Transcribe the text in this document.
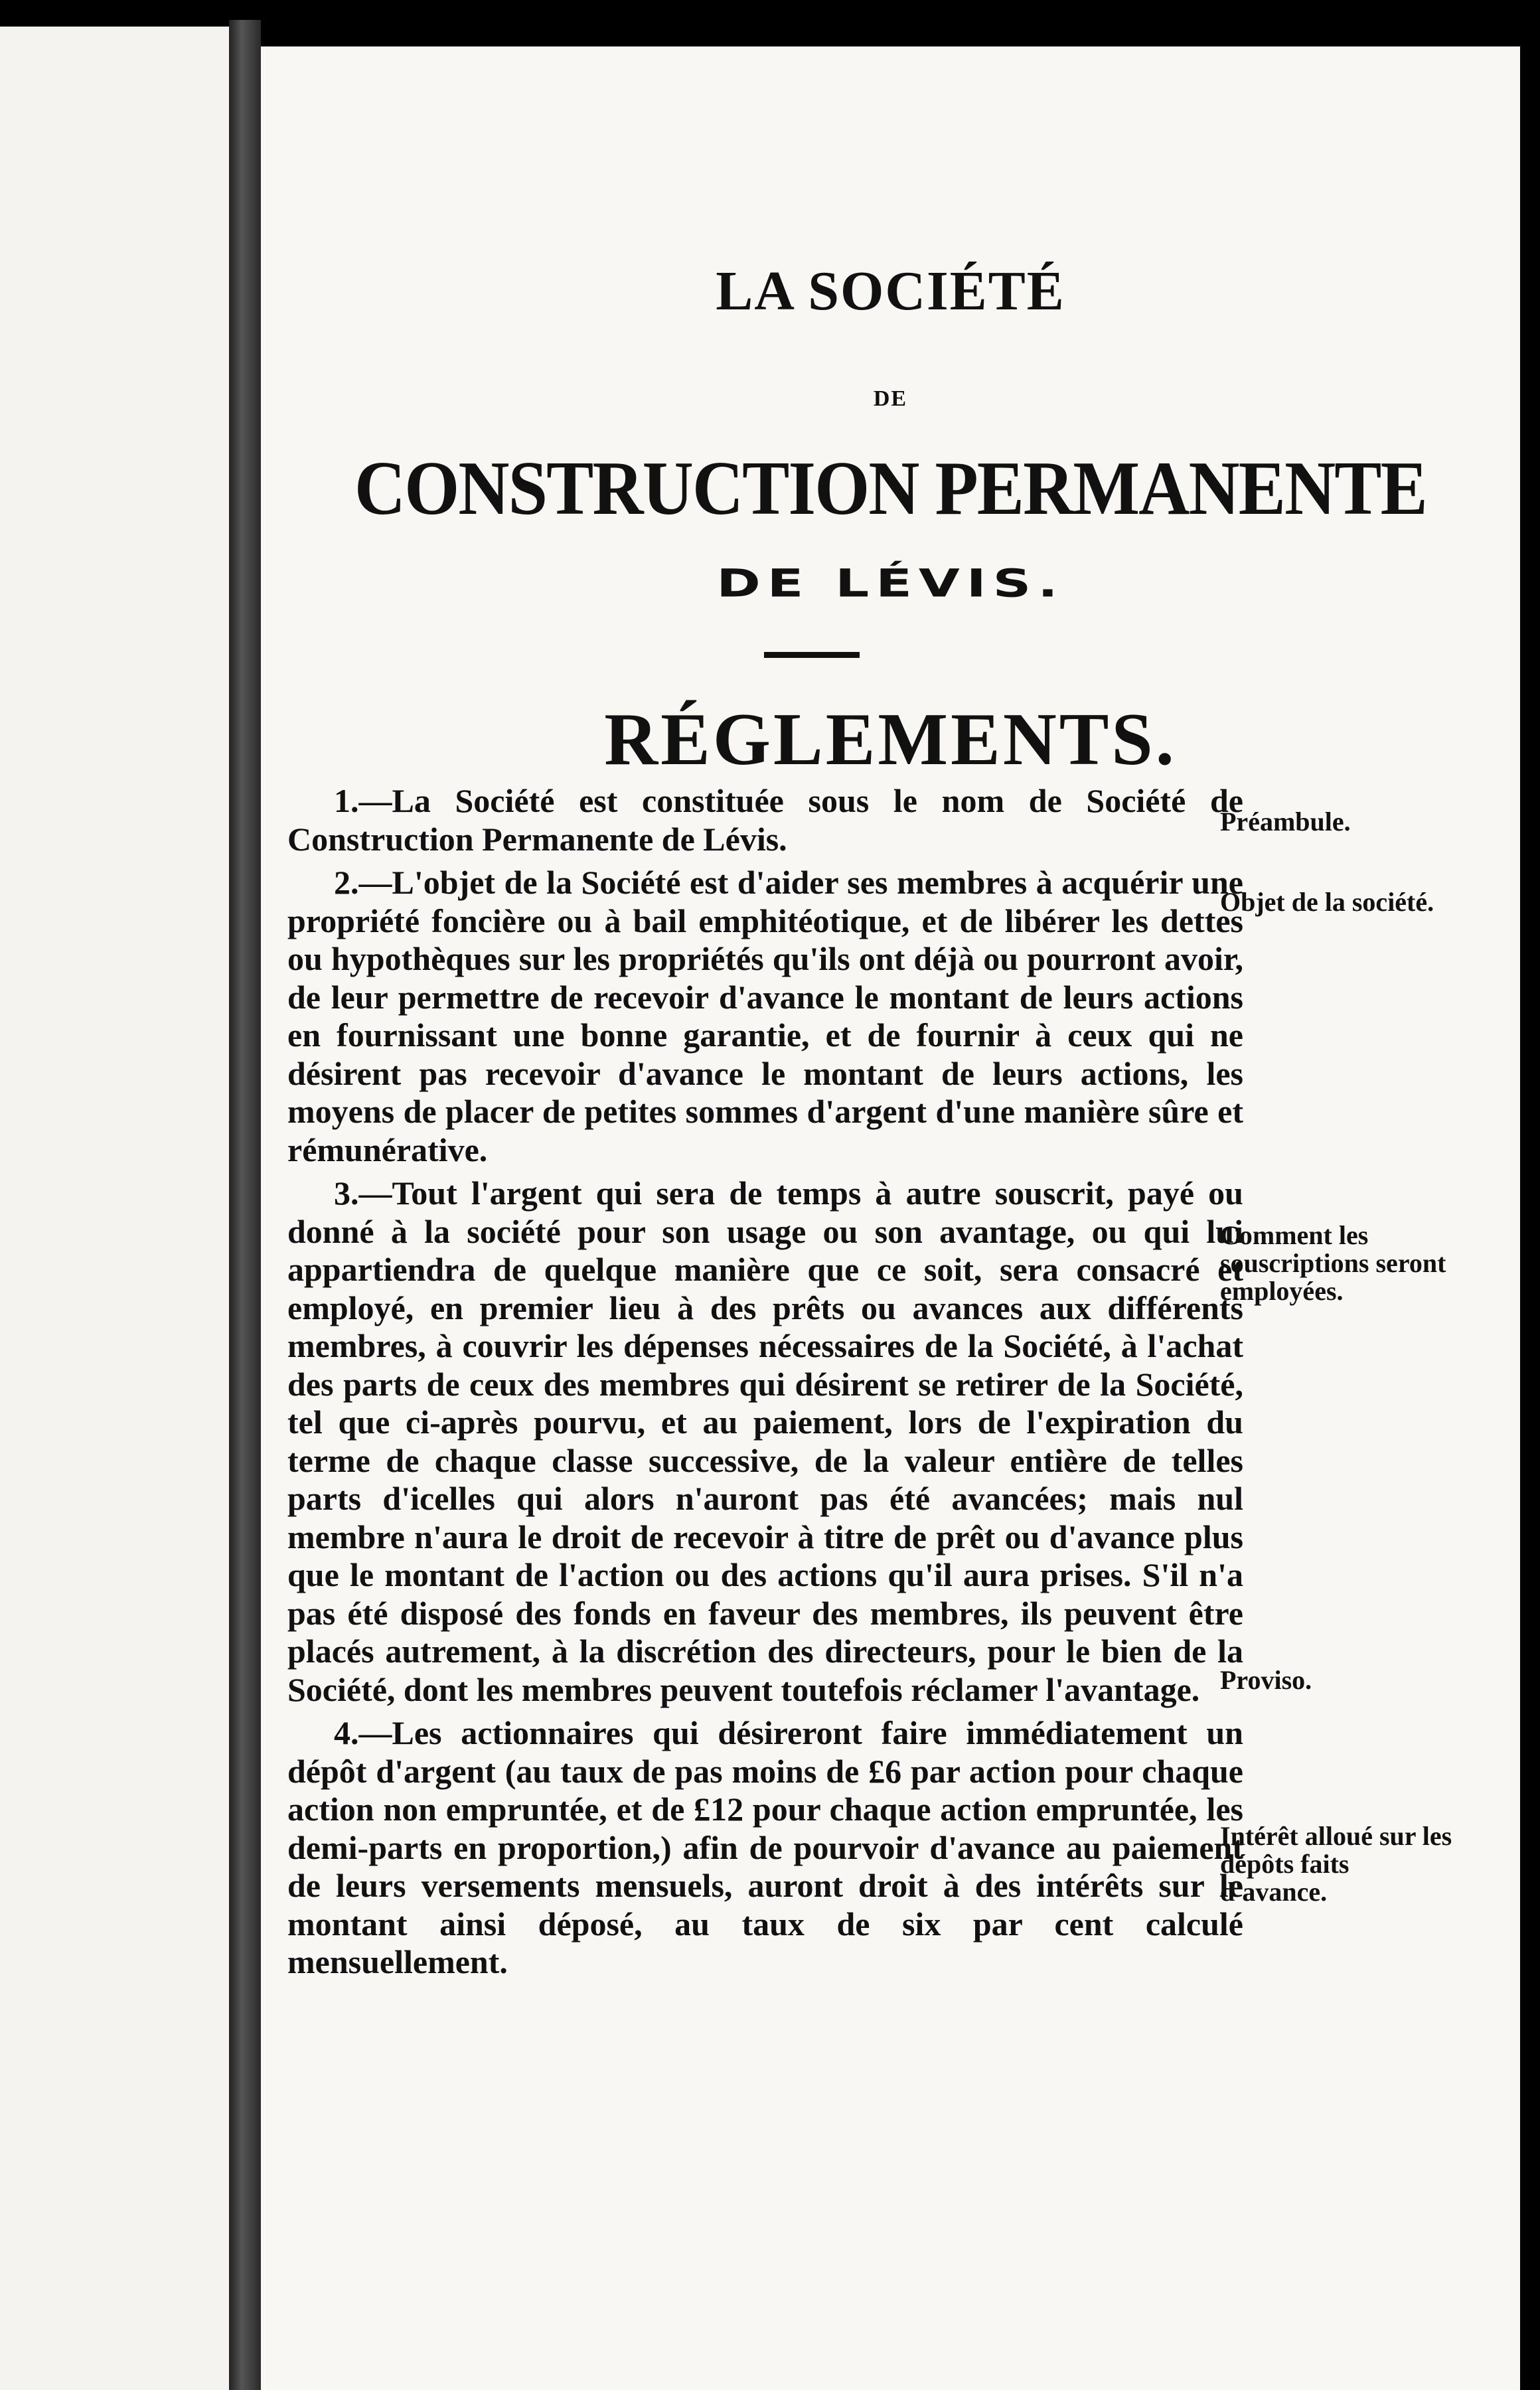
LA SOCIÉTÉ
DE
CONSTRUCTION PERMANENTE
DE LÉVIS.
RÉGLEMENTS.

1.—La Société est constituée sous le nom de Société de Construction Permanente de Lévis.

2.—L'objet de la Société est d'aider ses membres à acquérir une propriété foncière ou à bail emphitéotique, et de libérer les dettes ou hypothèques sur les propriétés qu'ils ont déjà ou pourront avoir, de leur permettre de recevoir d'avance le montant de leurs actions en fournissant une bonne garantie, et de fournir à ceux qui ne désirent pas recevoir d'avance le montant de leurs actions, les moyens de placer de petites sommes d'argent d'une manière sûre et rémunérative.

3.—Tout l'argent qui sera de temps à autre souscrit, payé ou donné à la société pour son usage ou son avantage, ou qui lui appartiendra de quelque manière que ce soit, sera consacré et employé, en premier lieu à des prêts ou avances aux différents membres, à couvrir les dépenses nécessaires de la Société, à l'achat des parts de ceux des membres qui désirent se retirer de la Société, tel que ci-après pourvu, et au paiement, lors de l'expiration du terme de chaque classe successive, de la valeur entière de telles parts d'icelles qui alors n'auront pas été avancées; mais nul membre n'aura le droit de recevoir à titre de prêt ou d'avance plus que le montant de l'action ou des actions qu'il aura prises. S'il n'a pas été disposé des fonds en faveur des membres, ils peuvent être placés autrement, à la discrétion des directeurs, pour le bien de la Société, dont les membres peuvent toutefois réclamer l'avantage.

4.—Les actionnaires qui désireront faire immédiatement un dépôt d'argent (au taux de pas moins de £6 par action pour chaque action non empruntée, et de £12 pour chaque action empruntée, les demi-parts en proportion,) afin de pourvoir d'avance au paiement de leurs versements mensuels, auront droit à des intérêts sur le montant ainsi déposé, au taux de six par cent calculé mensuellement.

Préambule.
Objet de la société.
Comment les souscriptions seront employées.
Proviso.
Intérêt alloué sur les dépôts faits d'avance.
